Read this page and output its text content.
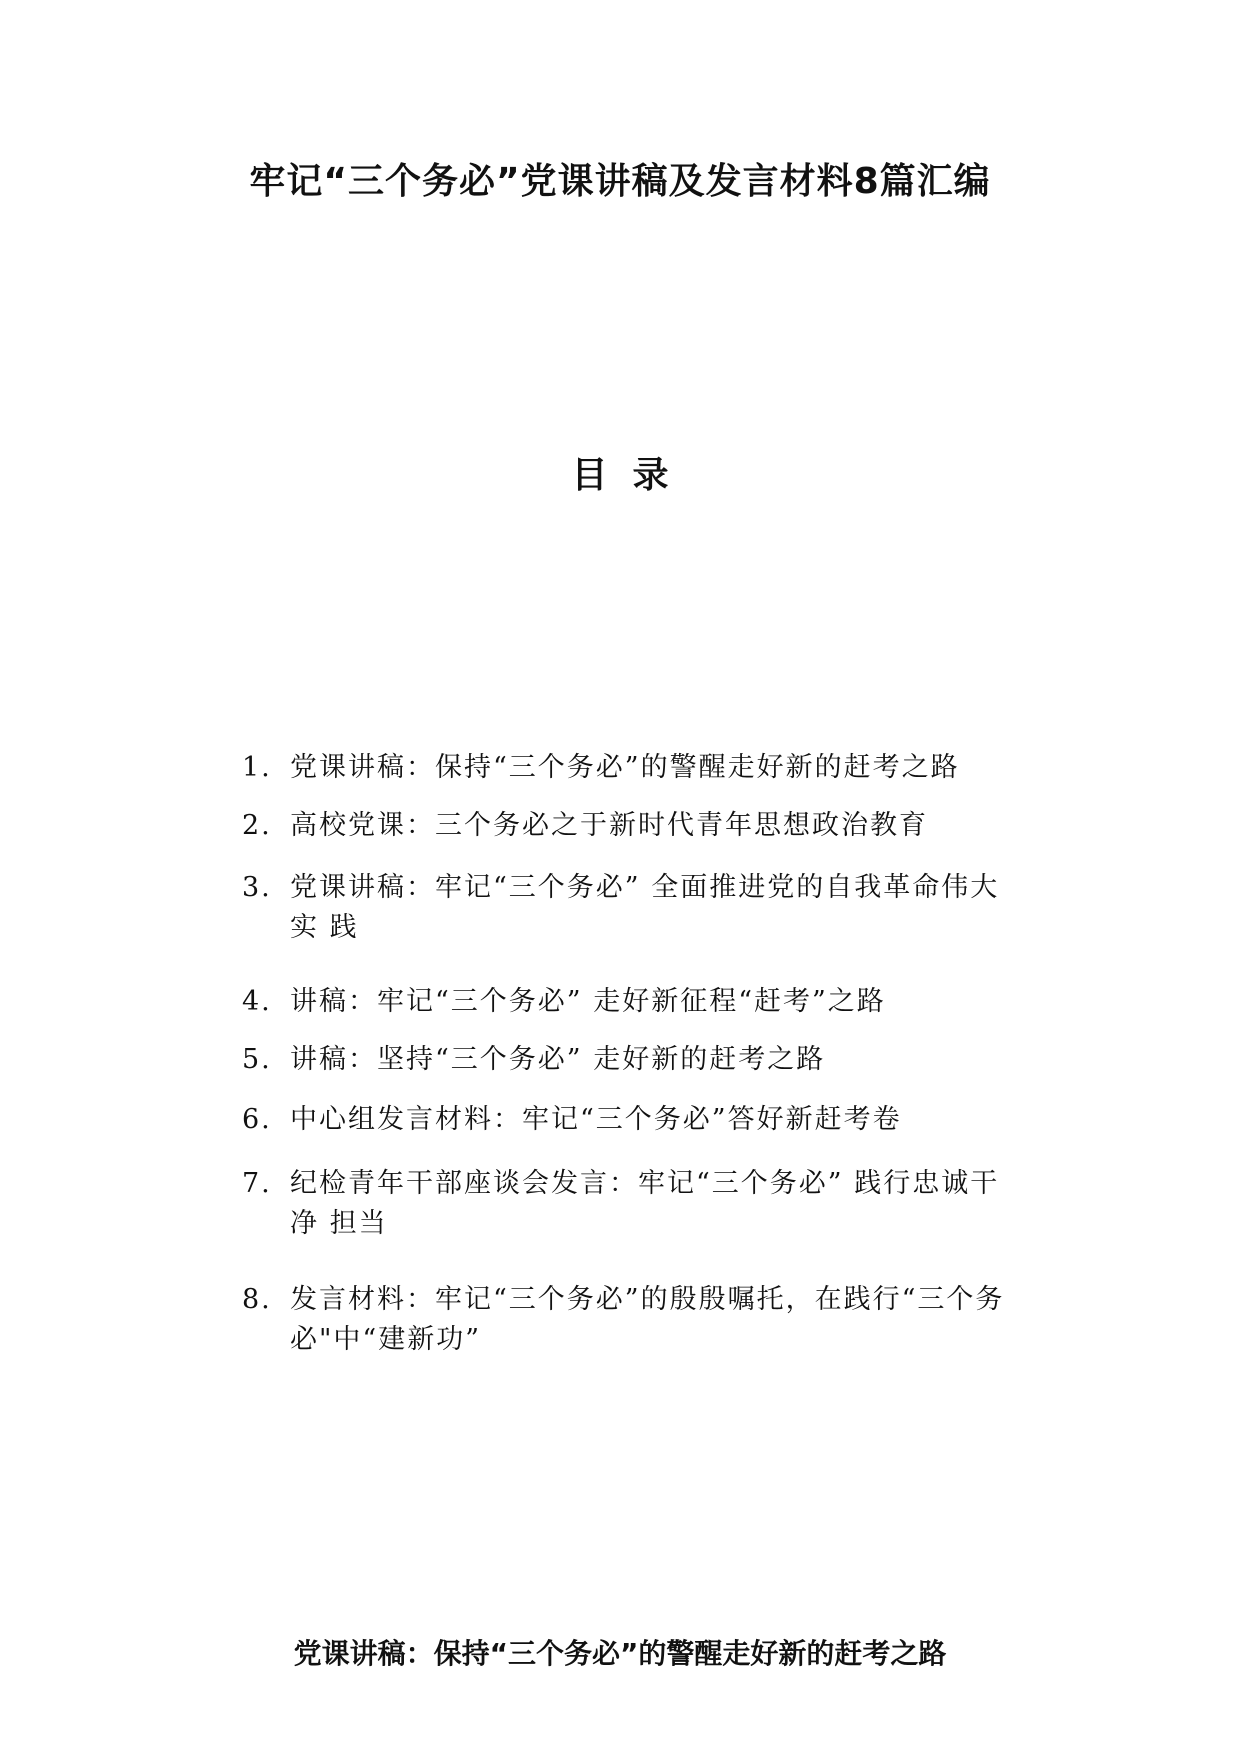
牢记“三个务必”党课讲稿及发言材料8篇汇编
目  录
1. 党课讲稿：保持“三个务必”的警醒走好新的赶考之路
2. 高校党课：三个务必之于新时代青年思想政治教育
3. 党课讲稿：牢记“三个务必” 全面推进党的自我革命伟大
实 践
4. 讲稿：牢记“三个务必” 走好新征程“赶考”之路
5. 讲稿：坚持“三个务必” 走好新的赶考之路
6. 中心组发言材料：牢记“三个务必”答好新赶考卷
7. 纪检青年干部座谈会发言：牢记“三个务必” 践行忠诚干
净 担当
8. 发言材料：牢记“三个务必”的殷殷嘱托，在践行“三个务
必"中“建新功”
党课讲稿：保持“三个务必”的警醒走好新的赶考之路
